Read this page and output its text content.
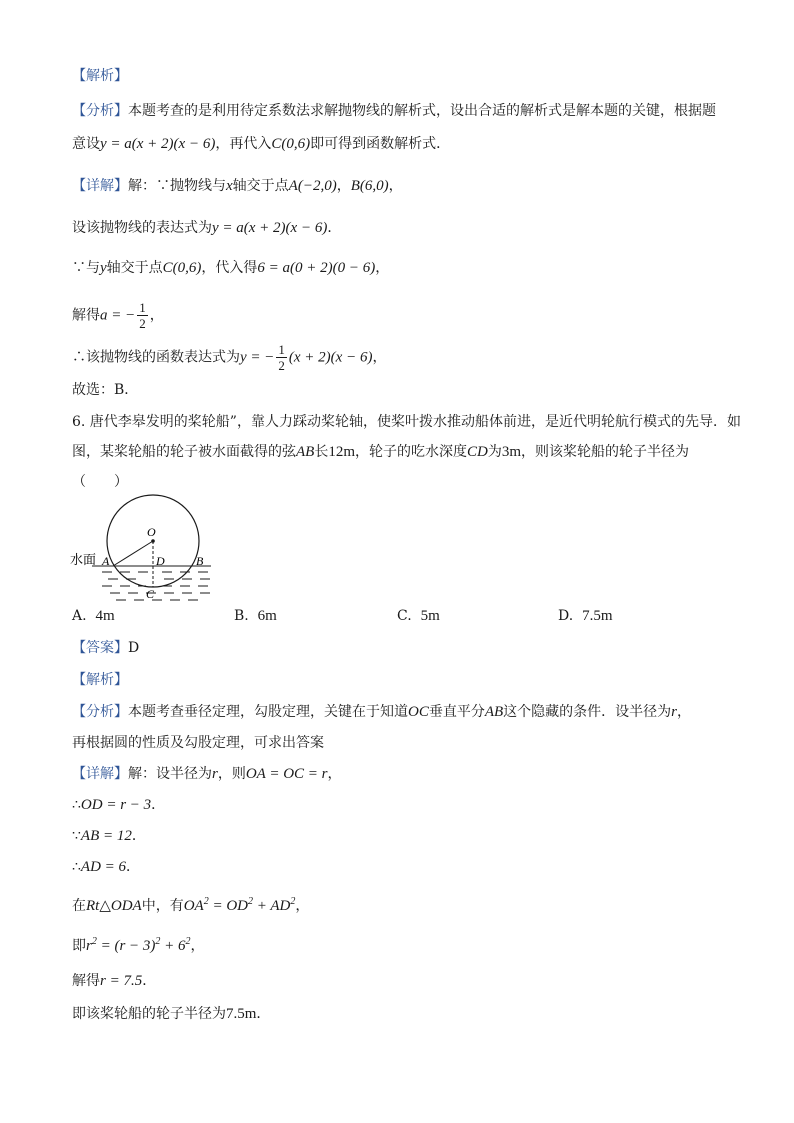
【解析】
【分析】本题考查的是利用待定系数法求解抛物线的解析式，设出合适的解析式是解本题的关键，根据题
意设y = a(x + 2)(x − 6)，再代入C(0,6)即可得到函数解析式．
【详解】解：∵抛物线与x轴交于点A(−2,0)，B(6,0)，
设该抛物线的表达式为y = a(x + 2)(x − 6)．
∵与y轴交于点C(0,6)，代入得6 = a(0 + 2)(0 − 6)，
解得a = − $\frac{1}{2}$ ，
∴该抛物线的函数表达式为y = − $\frac{1}{2} (x + 2)(x - 6)$，
故选：B．
6. 唐代李皋发明的桨轮船”，靠人力踩动桨轮轴，使桨叶拨水推动船体前进，是近代明轮航行模式的先导．如
图，某桨轮船的轮子被水面截得的弦AB长12m，轮子的吃水深度CD为3m，则该桨轮船的轮子半径为
（　　）
水面
O
A	D	B
C
A. 4m	B. 6m	C. 5m	D. 7.5m
【答案】D
【解析】
【分析】本题考查垂径定理，勾股定理，关键在于知道OC垂直平分AB这个隐藏的条件．设半径为r，
再根据圆的性质及勾股定理，可求出答案
【详解】解：设半径为r，则OA = OC = r，
∴OD = r − 3．
∵AB = 12．
∴AD = 6．
在Rt△ODA中，有$OA^2 = OD^2 + AD^2$，
即$r^2 = (r - 3)^2 + 6^2$，
解得r = 7.5．
即该桨轮船的轮子半径为7.5m．
